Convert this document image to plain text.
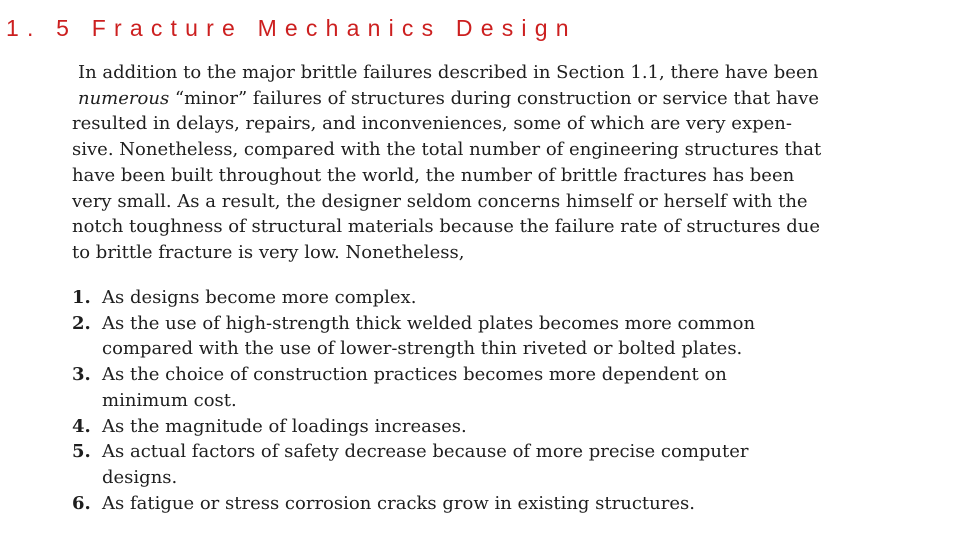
1. 5 Fracture Mechanics Design

In addition to the major brittle failures described in Section 1.1, there have been
numerous “minor” failures of structures during construction or service that have
resulted in delays, repairs, and inconveniences, some of which are very expen-
sive. Nonetheless, compared with the total number of engineering structures that
have been built throughout the world, the number of brittle fractures has been
very small. As a result, the designer seldom concerns himself or herself with the
notch toughness of structural materials because the failure rate of structures due
to brittle fracture is very low. Nonetheless,

1. As designs become more complex.
2. As the use of high-strength thick welded plates becomes more common
compared with the use of lower-strength thin riveted or bolted plates.
3. As the choice of construction practices becomes more dependent on
minimum cost.
4. As the magnitude of loadings increases.
5. As actual factors of safety decrease because of more precise computer
designs.
6. As fatigue or stress corrosion cracks grow in existing structures.
